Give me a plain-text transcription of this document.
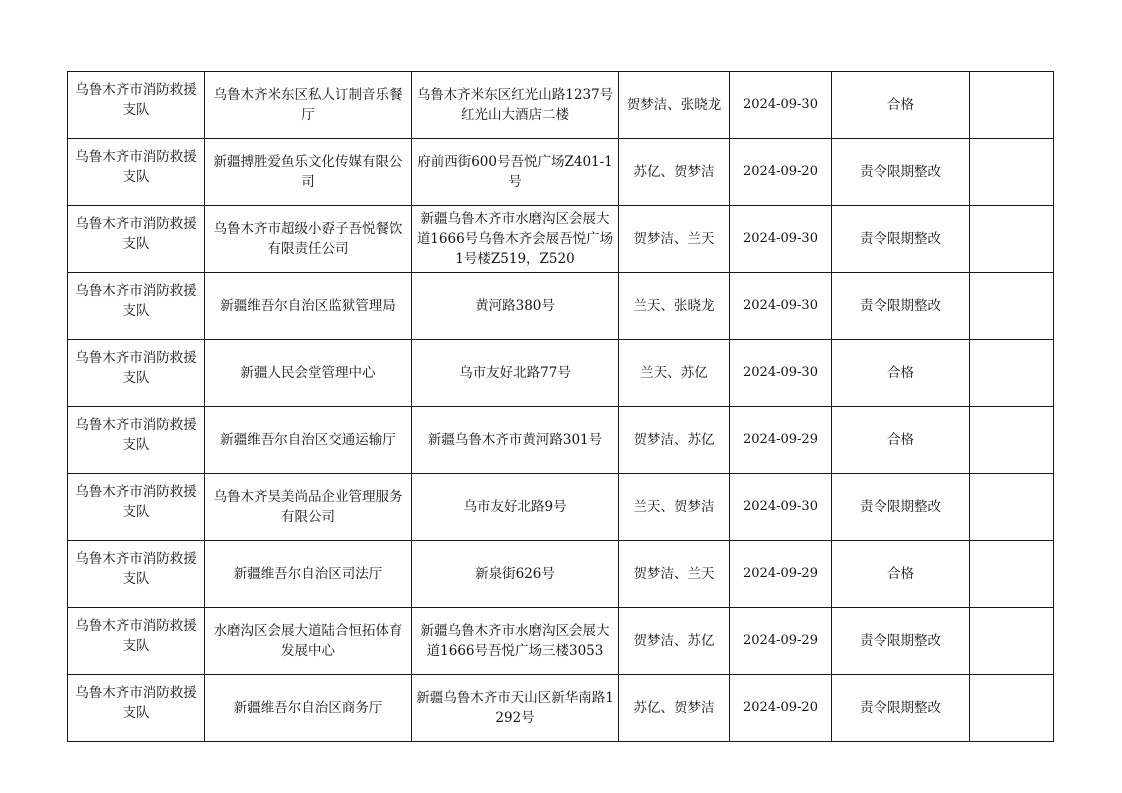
乌鲁木齐市消防救援支队	乌鲁木齐米东区私人订制音乐餐厅	乌鲁木齐米东区红光山路1237号红光山大酒店二楼	贺梦洁、张晓龙	2024-09-30	合格	
乌鲁木齐市消防救援支队	新疆搏胜爱鱼乐文化传媒有限公司	府前西街600号吾悦广场Z401-1号	苏亿、贺梦洁	2024-09-20	责令限期整改	
乌鲁木齐市消防救援支队	乌鲁木齐市超级小孬子吾悦餐饮有限责任公司	新疆乌鲁木齐市水磨沟区会展大道1666号乌鲁木齐会展吾悦广场1号楼Z519，Z520	贺梦洁、兰天	2024-09-30	责令限期整改	
乌鲁木齐市消防救援支队	新疆维吾尔自治区监狱管理局	黄河路380号	兰天、张晓龙	2024-09-30	责令限期整改	
乌鲁木齐市消防救援支队	新疆人民会堂管理中心	乌市友好北路77号	兰天、苏亿	2024-09-30	合格	
乌鲁木齐市消防救援支队	新疆维吾尔自治区交通运输厅	新疆乌鲁木齐市黄河路301号	贺梦洁、苏亿	2024-09-29	合格	
乌鲁木齐市消防救援支队	乌鲁木齐昊美尚品企业管理服务有限公司	乌市友好北路9号	兰天、贺梦洁	2024-09-30	责令限期整改	
乌鲁木齐市消防救援支队	新疆维吾尔自治区司法厅	新泉街626号	贺梦洁、兰天	2024-09-29	合格	
乌鲁木齐市消防救援支队	水磨沟区会展大道陆合恒拓体育发展中心	新疆乌鲁木齐市水磨沟区会展大道1666号吾悦广场三楼3053	贺梦洁、苏亿	2024-09-29	责令限期整改	
乌鲁木齐市消防救援支队	新疆维吾尔自治区商务厅	新疆乌鲁木齐市天山区新华南路1292号	苏亿、贺梦洁	2024-09-20	责令限期整改	
